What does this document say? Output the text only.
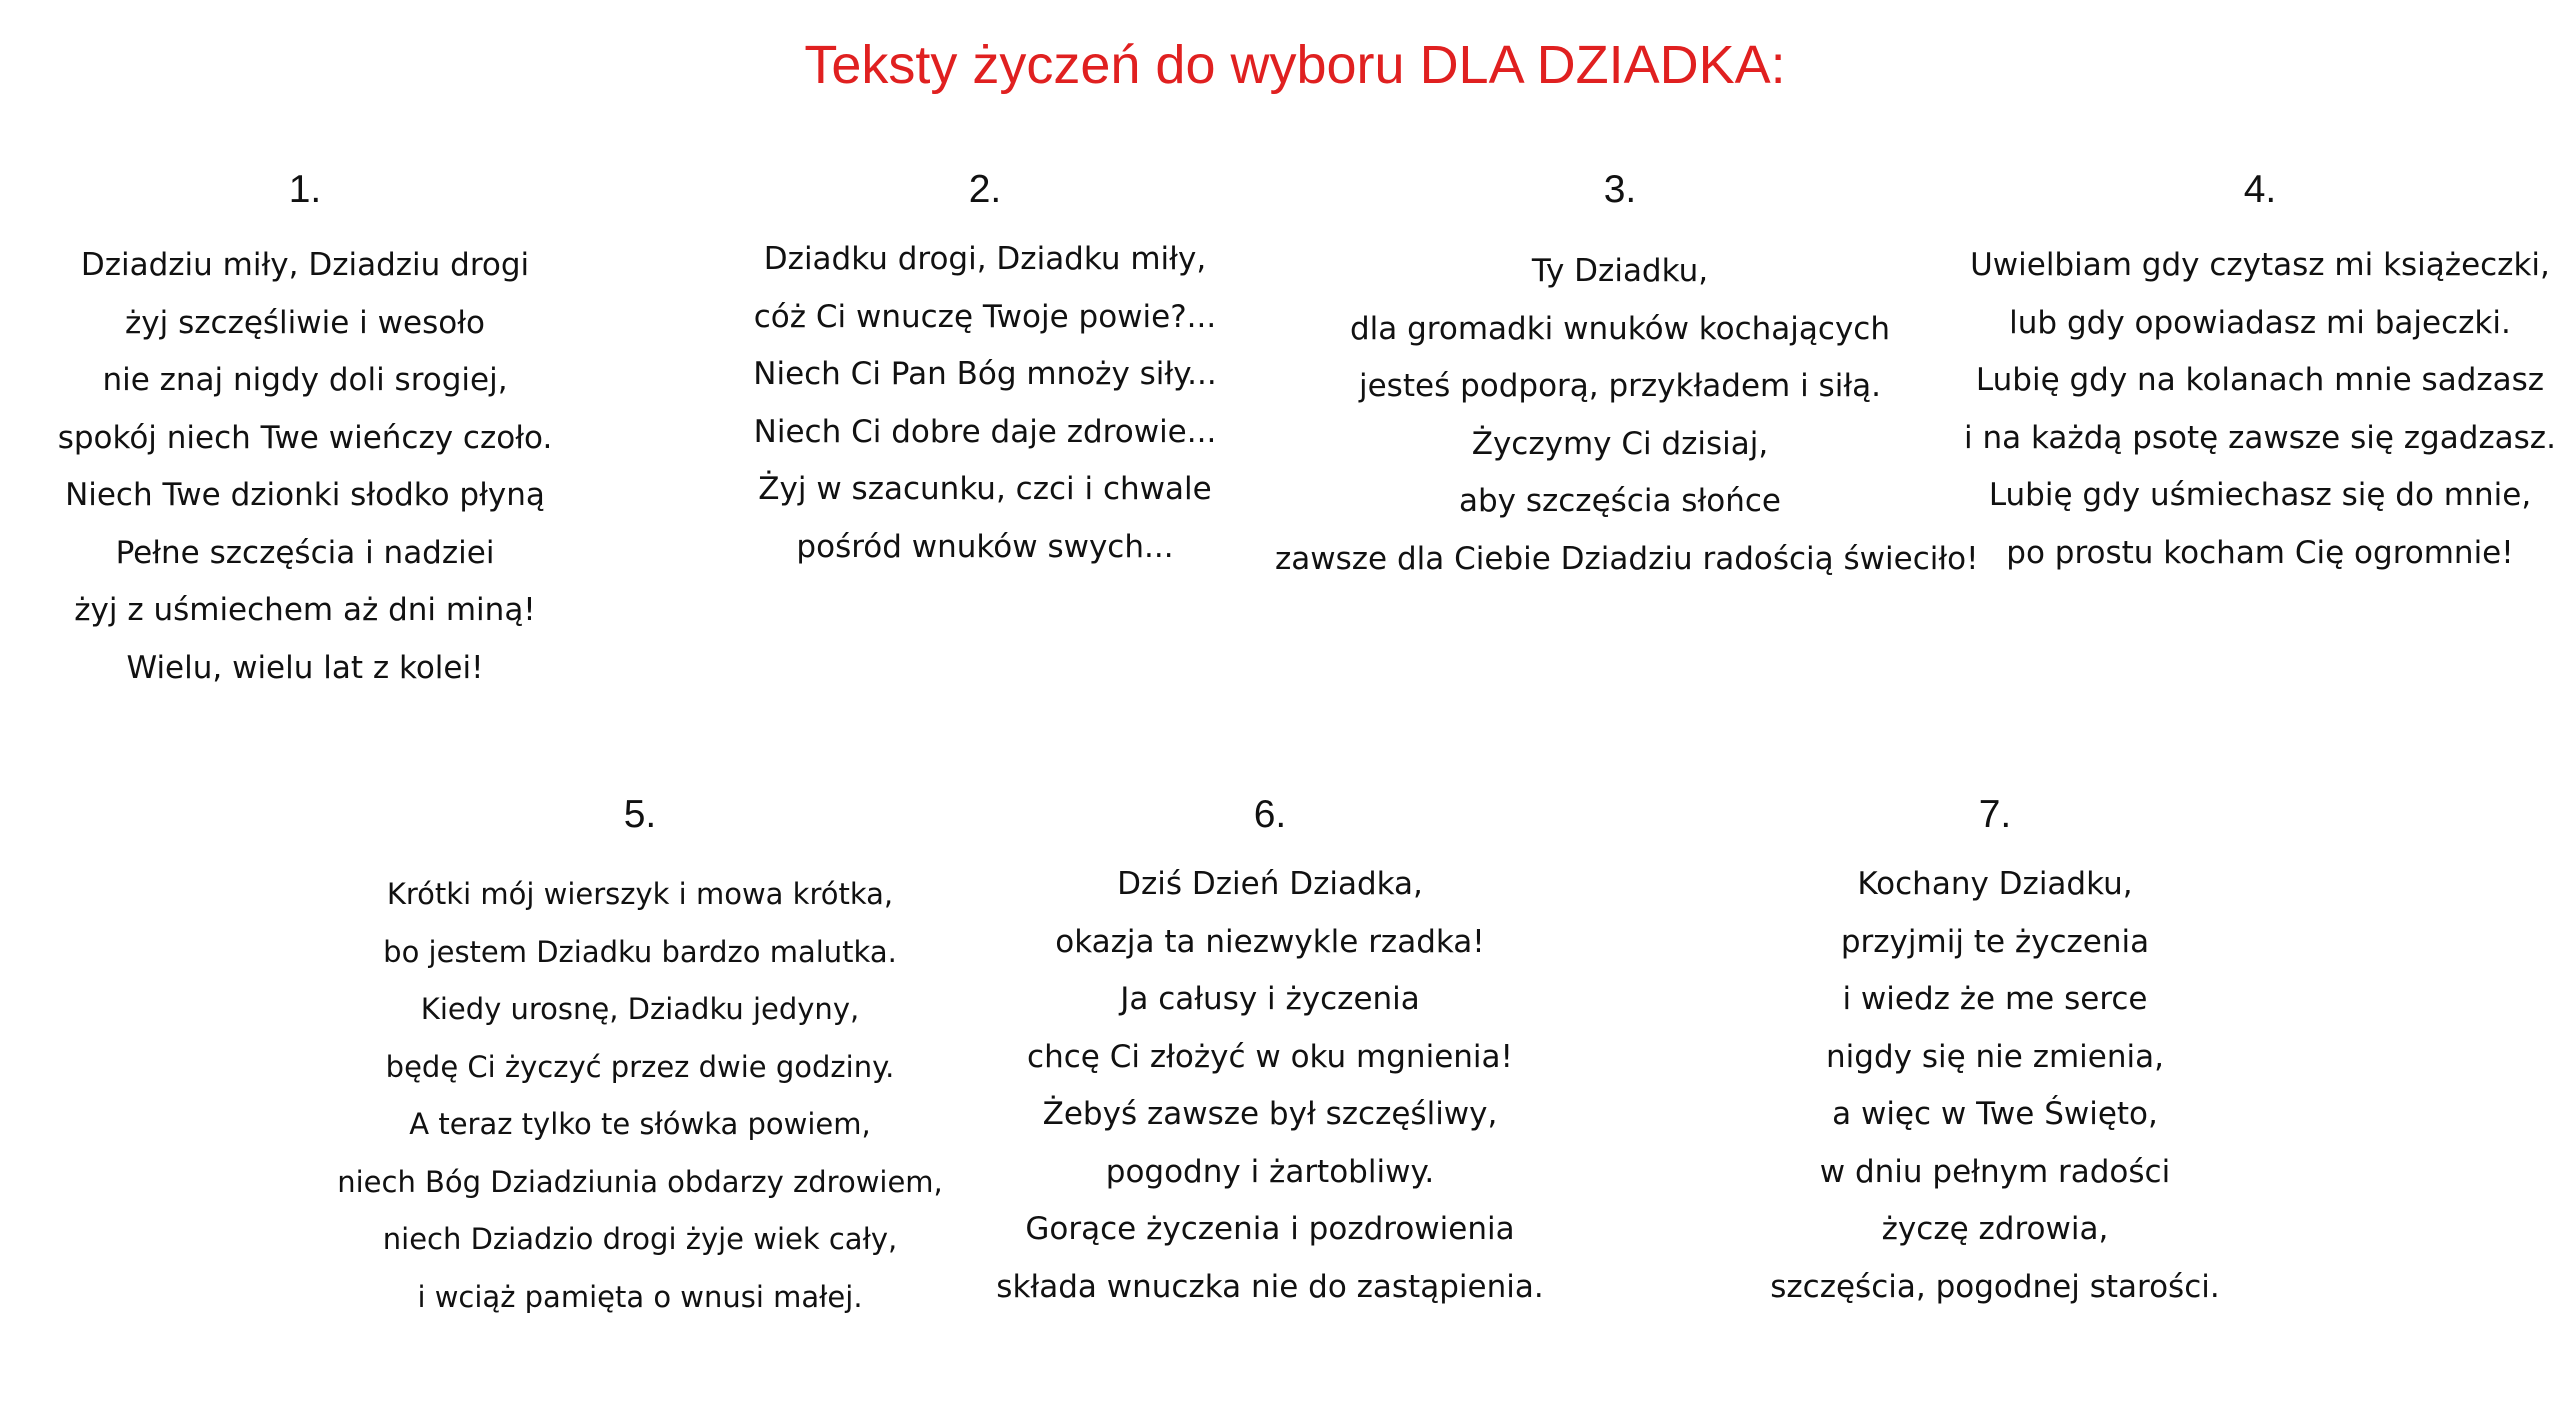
Teksty życzeń do wyboru DLA DZIADKA:
1.
Dziadziu miły, Dziadziu drogi
żyj szczęśliwie i wesoło
nie znaj nigdy doli srogiej,
spokój niech Twe wieńczy czoło.
Niech Twe dzionki słodko płyną
Pełne szczęścia i nadziei
żyj z uśmiechem aż dni miną!
Wielu, wielu lat z kolei!
2.
Dziadku drogi, Dziadku miły,
cóż Ci wnuczę Twoje powie?...
Niech Ci Pan Bóg mnoży siły...
Niech Ci dobre daje zdrowie...
Żyj w szacunku, czci i chwale
pośród wnuków swych...
3.
Ty Dziadku,
dla gromadki wnuków kochających
jesteś podporą, przykładem i siłą.
Życzymy Ci dzisiaj,
aby szczęścia słońce
zawsze dla Ciebie Dziadziu radością świeciło!
4.
Uwielbiam gdy czytasz mi książeczki,
lub gdy opowiadasz mi bajeczki.
Lubię gdy na kolanach mnie sadzasz
i na każdą psotę zawsze się zgadzasz.
Lubię gdy uśmiechasz się do mnie,
po prostu kocham Cię ogromnie!
5.
Krótki mój wierszyk i mowa krótka,
bo jestem Dziadku bardzo malutka.
Kiedy urosnę, Dziadku jedyny,
będę Ci życzyć przez dwie godziny.
A teraz tylko te słówka powiem,
niech Bóg Dziadziunia obdarzy zdrowiem,
niech Dziadzio drogi żyje wiek cały,
i wciąż pamięta o wnusi małej.
6.
Dziś Dzień Dziadka,
okazja ta niezwykle rzadka!
Ja całusy i życzenia
chcę Ci złożyć w oku mgnienia!
Żebyś zawsze był szczęśliwy,
pogodny i żartobliwy.
Gorące życzenia i pozdrowienia
składa wnuczka nie do zastąpienia.
7.
Kochany Dziadku,
przyjmij te życzenia
i wiedz że me serce
nigdy się nie zmienia,
a więc w Twe Święto,
w dniu pełnym radości
życzę zdrowia,
szczęścia, pogodnej starości.
